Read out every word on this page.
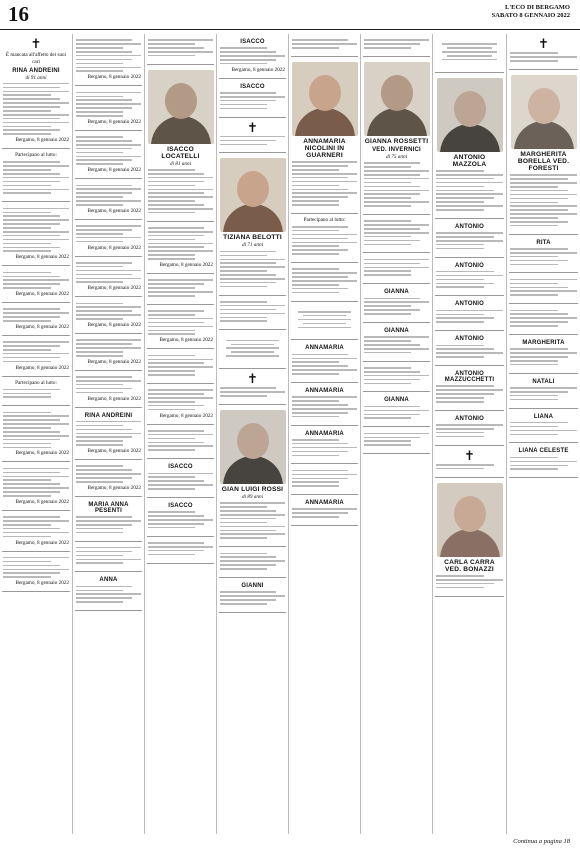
16	L'ECO DI BERGAMO
SABATO 8 GENNAIO 2022
✝
È mancata all'affetto dei suoi cari
RINA ANDREINI
di 91 anni
Bergamo, 8 gennaio 2022
Partecipano al lutto:
Bergamo, 8 gennaio 2022
Bergamo, 8 gennaio 2022
Bergamo, 8 gennaio 2022
Bergamo, 8 gennaio 2022
Partecipano al lutto:
Bergamo, 8 gennaio 2022
Bergamo, 8 gennaio 2022
Bergamo, 8 gennaio 2022
Bergamo, 8 gennaio 2022
Bergamo, 8 gennaio 2022
Bergamo, 8 gennaio 2022
Bergamo, 8 gennaio 2022
Bergamo, 8 gennaio 2022
Bergamo, 8 gennaio 2022
Bergamo, 8 gennaio 2022
Bergamo, 8 gennaio 2022
Bergamo, 8 gennaio 2022
Bergamo, 8 gennaio 2022
RINA ANDREINI
Bergamo, 8 gennaio 2022
Bergamo, 8 gennaio 2022
MARIA ANNA PESENTI
ANNA
ISACCO LOCATELLI
di 81 anni
Bergamo, 8 gennaio 2022
Bergamo, 8 gennaio 2022
Bergamo, 8 gennaio 2022
ISACCO
ISACCO
ISACCO
Bergamo, 8 gennaio 2022
ISACCO
✝
TIZIANA BELOTTI
di 71 anni
✝
GIAN LUIGI ROSSI
di 89 anni
GIANNI
ANNAMARIA NICOLINI IN GUARNERI
Partecipano al lutto:
ANNAMARIA
ANNAMARIA
ANNAMARIA
ANNAMARIA
GIANNA ROSSETTI
VED. INVERNICI
di 75 anni
GIANNA
GIANNA
GIANNA
ANTONIO MAZZOLA
ANTONIO
ANTONIO
ANTONIO
ANTONIO
ANTONIO MAZZUCCHETTI
ANTONIO
✝
CARLA CARRA VED. BONAZZI
✝
MARGHERITA BORELLA VED. FORESTI
RITA
MARGHERITA
NATALI
LIANA
LIANA CELESTE
Continua a pagina 18
